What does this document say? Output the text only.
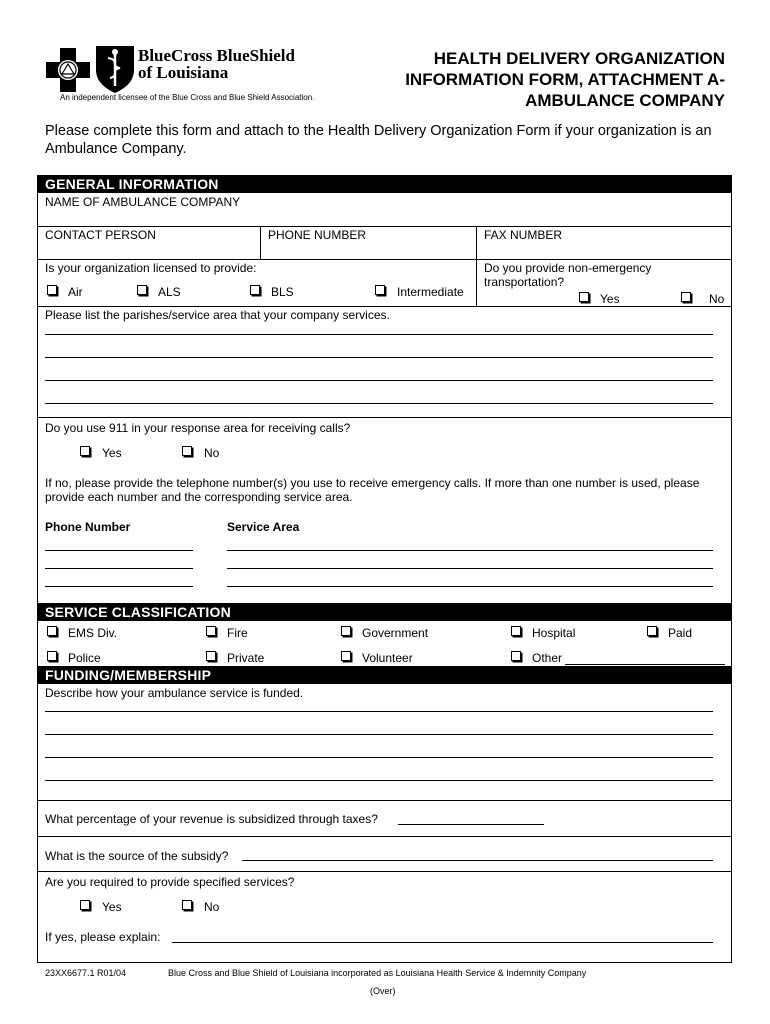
BlueCross BlueShield
of Louisiana
An independent licensee of the Blue Cross and Blue Shield Association.
HEALTH DELIVERY ORGANIZATION
INFORMATION FORM, ATTACHMENT A-
AMBULANCE COMPANY
Please complete this form and attach to the Health Delivery Organization Form if your organization is an Ambulance Company.
GENERAL INFORMATION
NAME OF AMBULANCE COMPANY
CONTACT PERSON	PHONE NUMBER	FAX NUMBER
Is your organization licensed to provide:
Air	ALS	BLS	Intermediate
Do you provide non-emergency transportation?
Yes	No
Please list the parishes/service area that your company services.
Do you use 911 in your response area for receiving calls?
Yes	No
If no, please provide the telephone number(s) you use to receive emergency calls. If more than one number is used, please provide each number and the corresponding service area.
Phone Number	Service Area
SERVICE CLASSIFICATION
EMS Div.	Fire	Government	Hospital	Paid
Police	Private	Volunteer	Other
FUNDING/MEMBERSHIP
Describe how your ambulance service is funded.
What percentage of your revenue is subsidized through taxes?
What is the source of the subsidy?
Are you required to provide specified services?
Yes	No
If yes, please explain:
23XX6677.1 R01/04	Blue Cross and Blue Shield of Louisiana incorporated as Louisiana Health Service & Indemnity Company
(Over)
